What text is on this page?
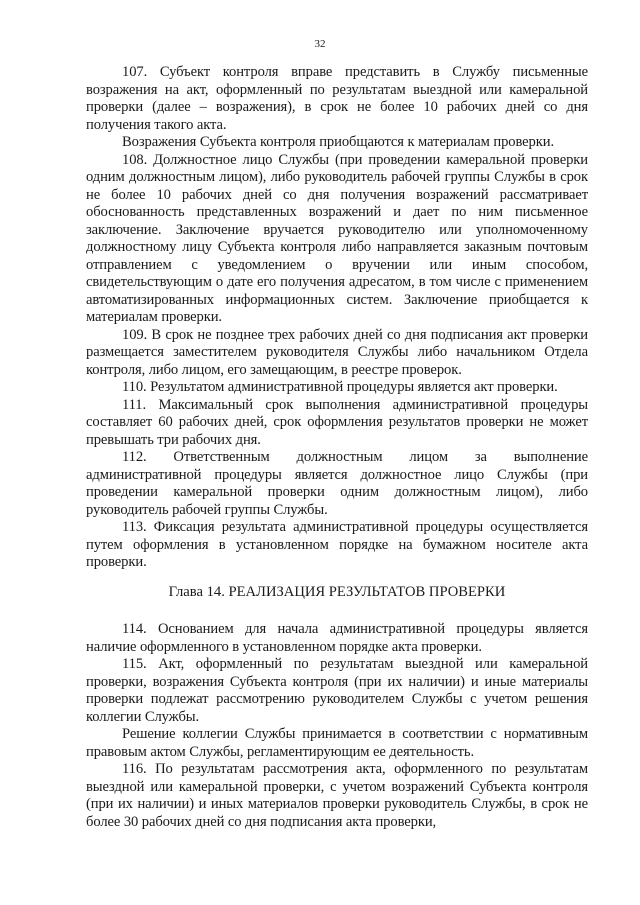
32

107. Субъект контроля вправе представить в Службу письменные возражения на акт, оформленный по результатам выездной или камеральной проверки (далее – возражения), в срок не более 10 рабочих дней со дня получения такого акта.

Возражения Субъекта контроля приобщаются к материалам проверки.

108. Должностное лицо Службы (при проведении камеральной проверки одним должностным лицом), либо руководитель рабочей группы Службы в срок не более 10 рабочих дней со дня получения возражений рассматривает обоснованность представленных возражений и дает по ним письменное заключение. Заключение вручается руководителю или уполномоченному должностному лицу Субъекта контроля либо направляется заказным почтовым отправлением с уведомлением о вручении или иным способом, свидетельствующим о дате его получения адресатом, в том числе с применением автоматизированных информационных систем. Заключение приобщается к материалам проверки.

109. В срок не позднее трех рабочих дней со дня подписания акт проверки размещается заместителем руководителя Службы либо начальником Отдела контроля, либо лицом, его замещающим, в реестре проверок.

110. Результатом административной процедуры является акт проверки.

111. Максимальный срок выполнения административной процедуры составляет 60 рабочих дней, срок оформления результатов проверки не может превышать три рабочих дня.

112. Ответственным должностным лицом за выполнение административной процедуры является должностное лицо Службы (при проведении камеральной проверки одним должностным лицом), либо руководитель рабочей группы Службы.

113. Фиксация результата административной процедуры осуществляется путем оформления в установленном порядке на бумажном носителе акта проверки.

Глава 14. РЕАЛИЗАЦИЯ РЕЗУЛЬТАТОВ ПРОВЕРКИ

114. Основанием для начала административной процедуры является наличие оформленного в установленном порядке акта проверки.

115. Акт, оформленный по результатам выездной или камеральной проверки, возражения Субъекта контроля (при их наличии) и иные материалы проверки подлежат рассмотрению руководителем Службы с учетом решения коллегии Службы.

Решение коллегии Службы принимается в соответствии с нормативным правовым актом Службы, регламентирующим ее деятельность.

116. По результатам рассмотрения акта, оформленного по результатам выездной или камеральной проверки, с учетом возражений Субъекта контроля (при их наличии) и иных материалов проверки руководитель Службы, в срок не более 30 рабочих дней со дня подписания акта проверки,
